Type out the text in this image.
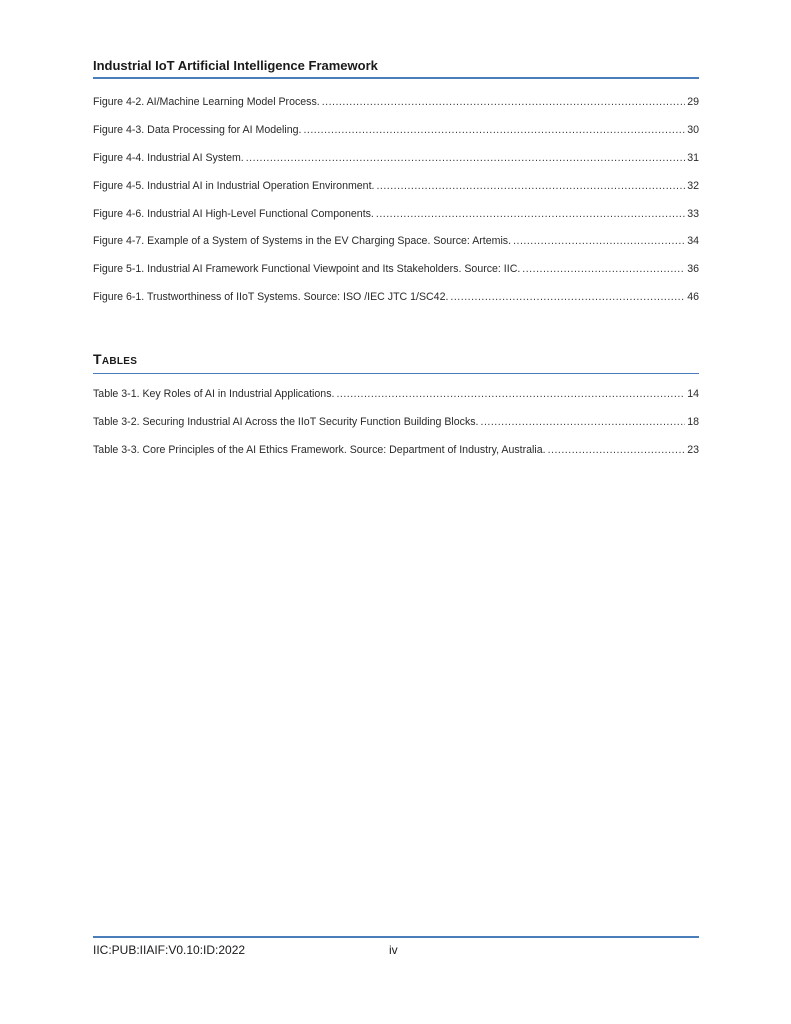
Industrial IoT Artificial Intelligence Framework
Figure 4-2. AI/Machine Learning Model Process. .....	29
Figure 4-3. Data Processing for AI Modeling. .....	30
Figure 4-4. Industrial AI System. .....	31
Figure 4-5. Industrial AI in Industrial Operation Environment. .....	32
Figure 4-6. Industrial AI High-Level Functional Components. .....	33
Figure 4-7. Example of a System of Systems in the EV Charging Space. Source: Artemis. .....	34
Figure 5-1. Industrial AI Framework Functional Viewpoint and Its Stakeholders. Source: IIC. .....	36
Figure 6-1. Trustworthiness of IIoT Systems. Source: ISO /IEC JTC 1/SC42. .....	46
Tables
Table 3-1. Key Roles of AI in Industrial Applications. .....	14
Table 3-2. Securing Industrial AI Across the IIoT Security Function Building Blocks. .....	18
Table 3-3. Core Principles of the AI Ethics Framework. Source: Department of Industry, Australia. .....	23
IIC:PUB:IIAIF:V0.10:ID:2022	iv
